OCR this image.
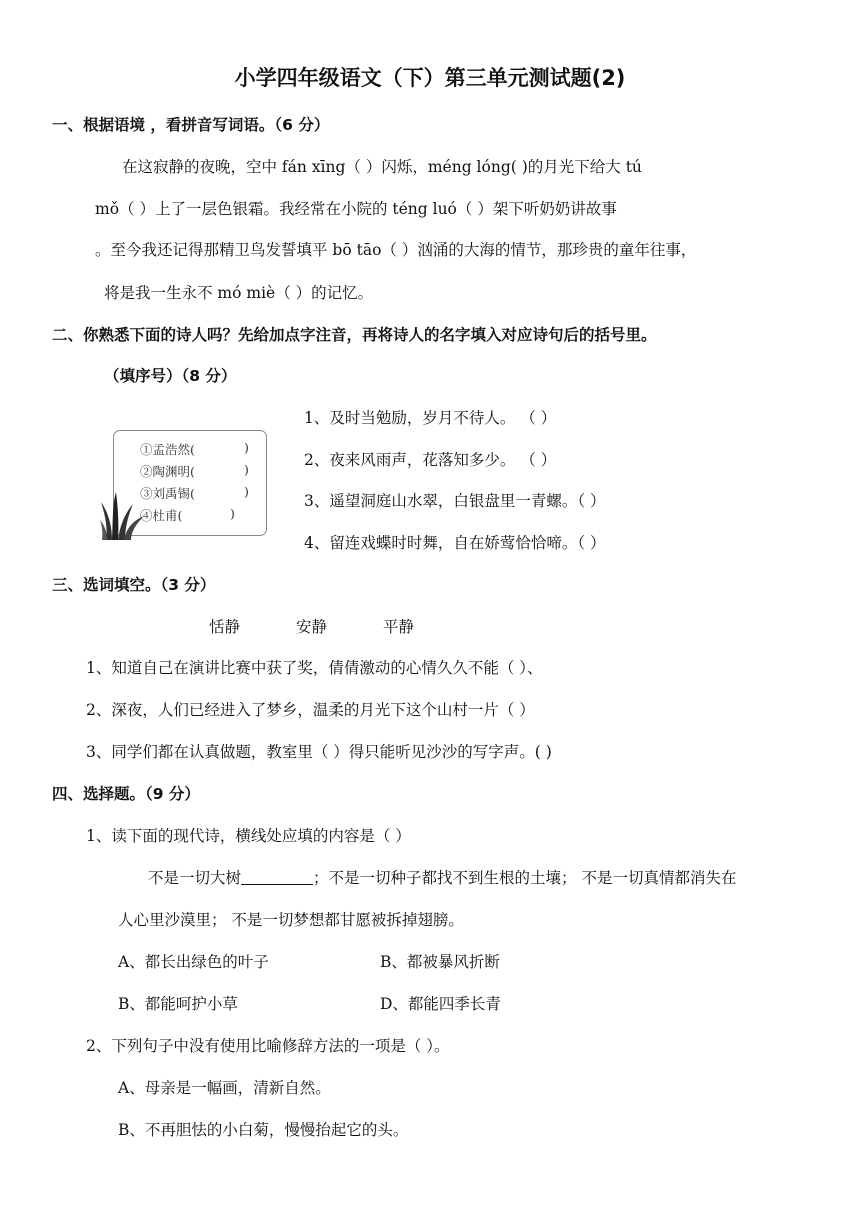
小学四年级语文（下）第三单元测试题(2)
一、根据语境 ，看拼音写词语。（6 分）
在这寂静的夜晚，空中 fán xīng（ ）闪烁，méng lóng( )的月光下给大 tú
mǒ（ ）上了一层色银霜。我经常在小院的 téng luó（ ）架下听奶奶讲故事
。至今我还记得那精卫鸟发誓填平 bō tāo（ ）汹涌的大海的情节，那珍贵的童年往事，
将是我一生永不 mó miè（ ）的记忆。
二、你熟悉下面的诗人吗？先给加点字注音，再将诗人的名字填入对应诗句后的括号里。
（填序号）（8 分）
①孟浩然(	)
②陶渊明(	)
③刘禹锡(	)
④杜甫(	)
1、及时当勉励，岁月不待人。 （ ）
2、夜来风雨声，花落知多少。 （ ）
3、遥望洞庭山水翠，白银盘里一青螺。（ ）
4、留连戏蝶时时舞，自在娇莺恰恰啼。（ ）
三、选词填空。（3 分）
恬静	安静	平静
1、知道自己在演讲比赛中获了奖，倩倩激动的心情久久不能（ ）、
2、深夜，人们已经进入了梦乡，温柔的月光下这个山村一片（ ）
3、同学们都在认真做题，教室里（ ）得只能听见沙沙的写字声。( )
四、选择题。（9 分）
1、读下面的现代诗，横线处应填的内容是（ ）
不是一切大树	；不是一切种子都找不到生根的土壤； 不是一切真情都消失在
人心里沙漠里； 不是一切梦想都甘愿被拆掉翅膀。
A、都长出绿色的叶子	B、都被暴风折断
B、都能呵护小草	D、都能四季长青
2、下列句子中没有使用比喻修辞方法的一项是（ ）。
A、母亲是一幅画，清新自然。
B、不再胆怯的小白菊，慢慢抬起它的头。
